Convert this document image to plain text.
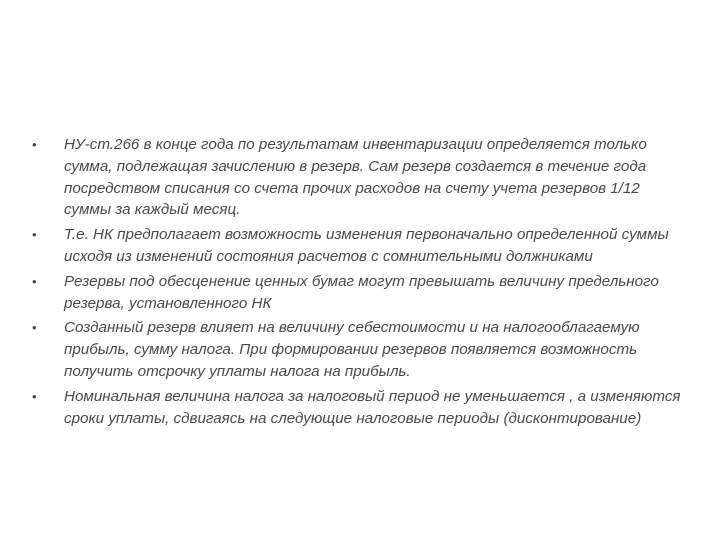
• НУ-ст.266 в конце года по результатам инвентаризации определяется только сумма, подлежащая зачислению в резерв. Сам резерв создается в течение года посредством списания со счета прочих расходов на счету учета резервов 1/12 суммы за каждый месяц.
• Т.е. НК предполагает возможность изменения первоначально определенной суммы исходя из изменений состояния расчетов с сомнительными должниками
• Резервы под обесценение ценных бумаг могут превышать величину предельного резерва, установленного НК
• Созданный резерв влияет на величину себестоимости и на налогооблагаемую прибыль, сумму налога. При формировании резервов появляется возможность получить отсрочку уплаты налога на прибыль.
• Номинальная величина налога за налоговый период не уменьшается , а изменяются сроки уплаты, сдвигаясь на следующие налоговые периоды (дисконтирование)
